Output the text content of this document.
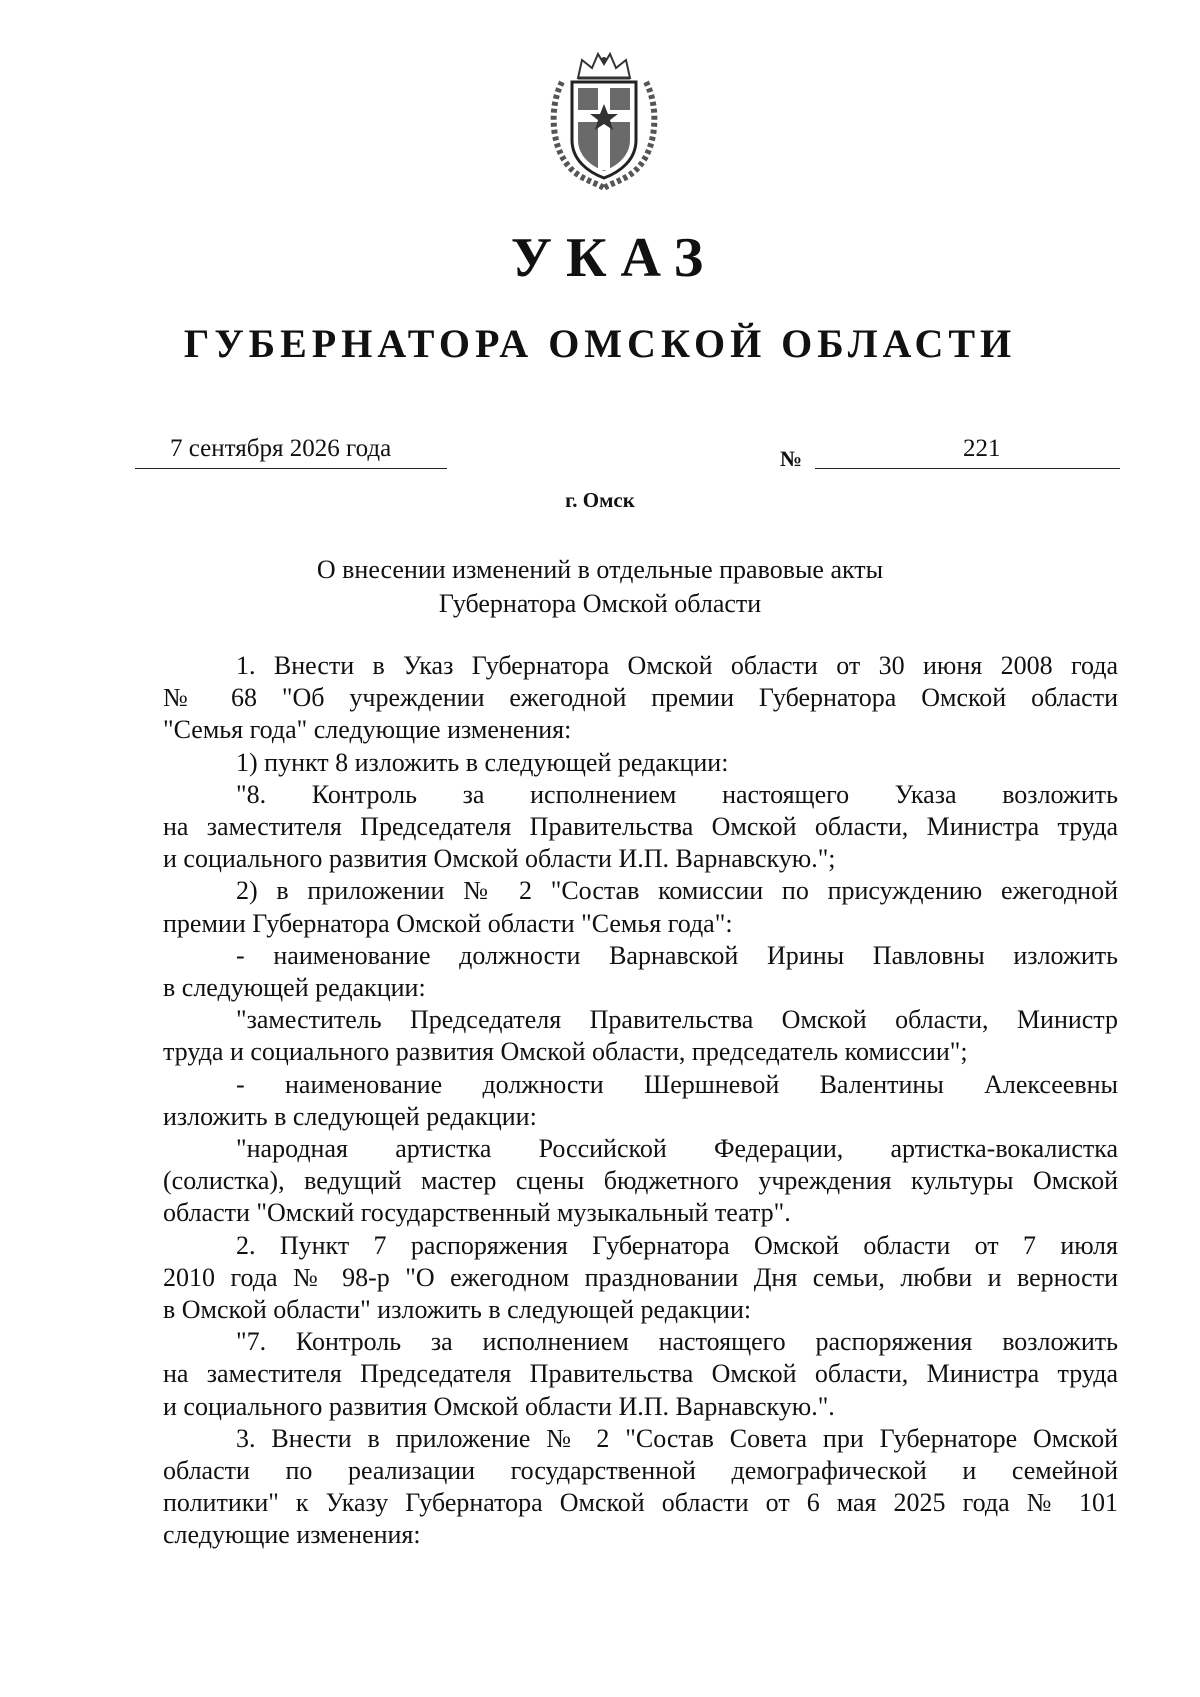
УКАЗ
ГУБЕРНАТОРА ОМСКОЙ ОБЛАСТИ
7 сентября 2026 года	№	221
г. Омск
О внесении изменений в отдельные правовые акты
Губернатора Омской области
1. Внести в Указ Губернатора Омской области от 30 июня 2008 года
№ 68 "Об учреждении ежегодной премии Губернатора Омской области
"Семья года" следующие изменения:
1) пункт 8 изложить в следующей редакции:
"8. Контроль за исполнением настоящего Указа возложить
на заместителя Председателя Правительства Омской области, Министра труда
и социального развития Омской области И.П. Варнавскую.";
2) в приложении № 2 "Состав комиссии по присуждению ежегодной
премии Губернатора Омской области "Семья года":
- наименование должности Варнавской Ирины Павловны изложить
в следующей редакции:
"заместитель Председателя Правительства Омской области, Министр
труда и социального развития Омской области, председатель комиссии";
- наименование должности Шершневой Валентины Алексеевны
изложить в следующей редакции:
"народная артистка Российской Федерации, артистка-вокалистка
(солистка), ведущий мастер сцены бюджетного учреждения культуры Омской
области "Омский государственный музыкальный театр".
2. Пункт 7 распоряжения Губернатора Омской области от 7 июля
2010 года № 98-р "О ежегодном праздновании Дня семьи, любви и верности
в Омской области" изложить в следующей редакции:
"7. Контроль за исполнением настоящего распоряжения возложить
на заместителя Председателя Правительства Омской области, Министра труда
и социального развития Омской области И.П. Варнавскую.".
3. Внести в приложение № 2 "Состав Совета при Губернаторе Омской
области по реализации государственной демографической и семейной
политики" к Указу Губернатора Омской области от 6 мая 2025 года № 101
следующие изменения:
